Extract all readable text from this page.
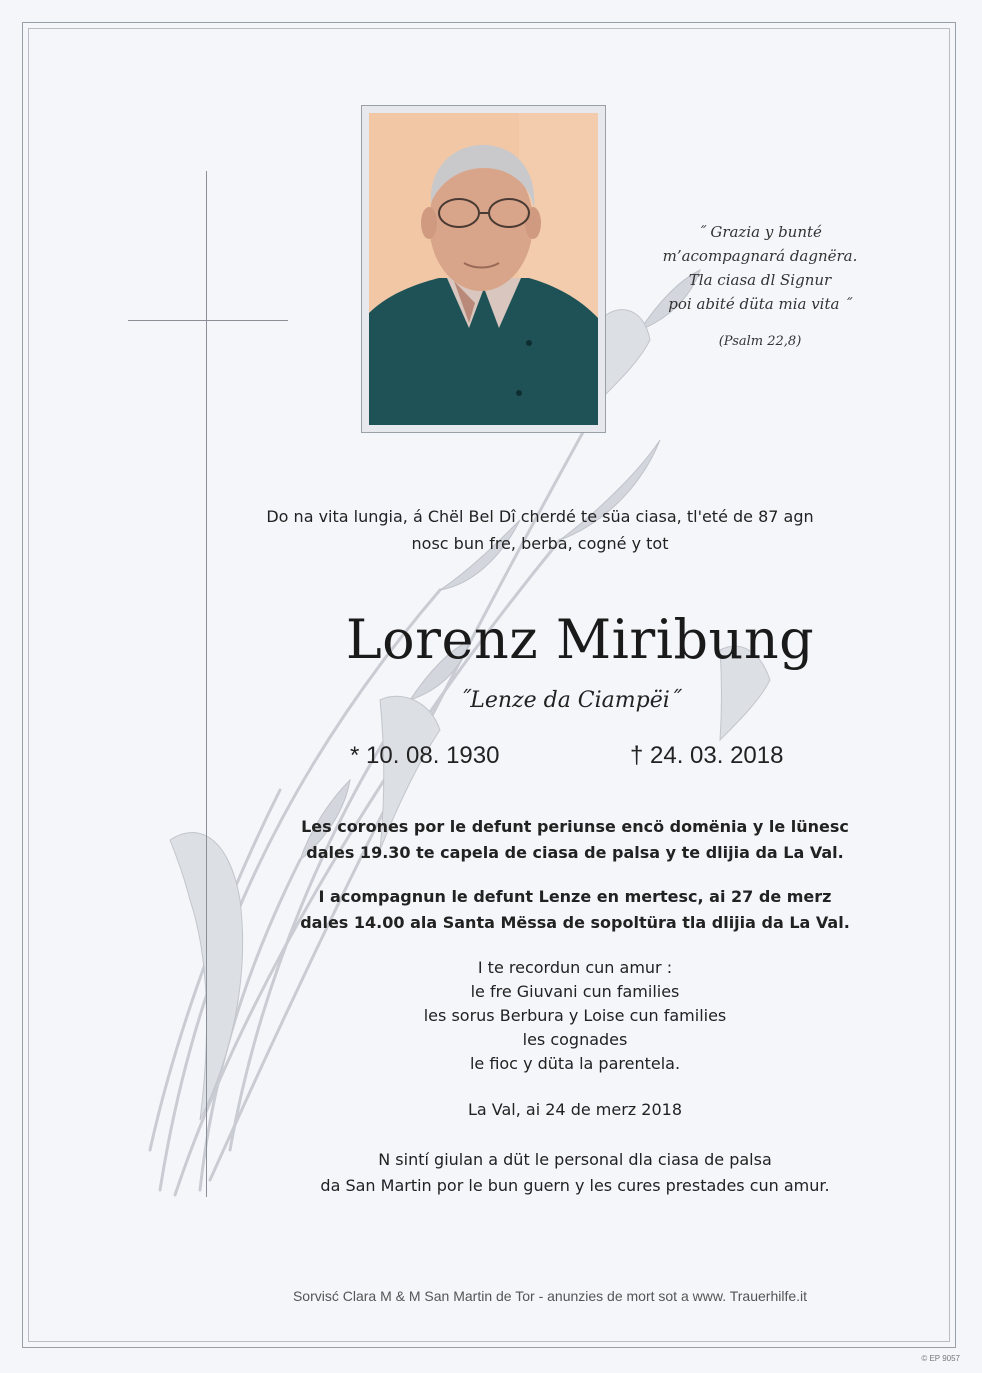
˝ Grazia y bunté
m’acompagnará dagnëra.
Tla ciasa dl Signur
poi abité düta mia vita ˝
(Psalm 22,8)
Do na vita lungia, á Chël Bel Dî cherdé te süa ciasa, tl'eté de 87 agn
nosc bun fre, berba, cogné y tot
Lorenz Miribung
˝Lenze da Ciampëi˝
* 10. 08. 1930	† 24. 03. 2018
Les corones por le defunt periunse encö domënia y le lünesc
dales 19.30 te capela de ciasa de palsa y te dlijia da La Val.
I acompagnun le defunt Lenze en mertesc, ai 27 de merz
dales 14.00 ala Santa Mëssa de sopoltüra tla dlijia da La Val.
I te recordun cun amur :
le fre Giuvani cun families
les sorus Berbura y Loise cun families
les cognades
le fioc y düta la parentela.
La Val, ai 24 de merz 2018
N sintí giulan a düt le personal dla ciasa de palsa
da San Martin por le bun guern y les cures prestades cun amur.
Sorvisć Clara M & M San Martin de Tor - anunzies de mort sot a www. Trauerhilfe.it
© EP 9057
